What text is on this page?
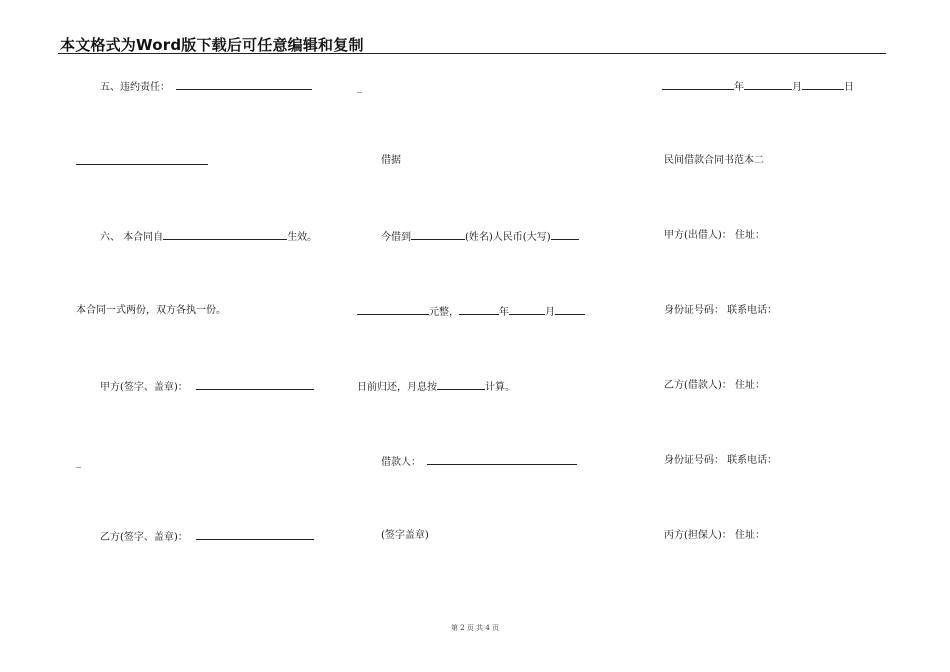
本文格式为Word版下载后可任意编辑和复制
五、违约责任：
六、 本合同自	生效。
本合同一式两份，双方各执一份。
甲方(签字、盖章)：
_
乙方(签字、盖章)：
_
借据
今借到	(姓名)人民币(大写)
元整，	年	月
日前归还，月息按	计算。
借款人：
(签字盖章)
年	月	日
民间借款合同书范本二
甲方(出借人)： 住址：
身份证号码： 联系电话：
乙方(借款人)： 住址：
身份证号码： 联系电话：
丙方(担保人)： 住址：
第 2 页 共 4 页
